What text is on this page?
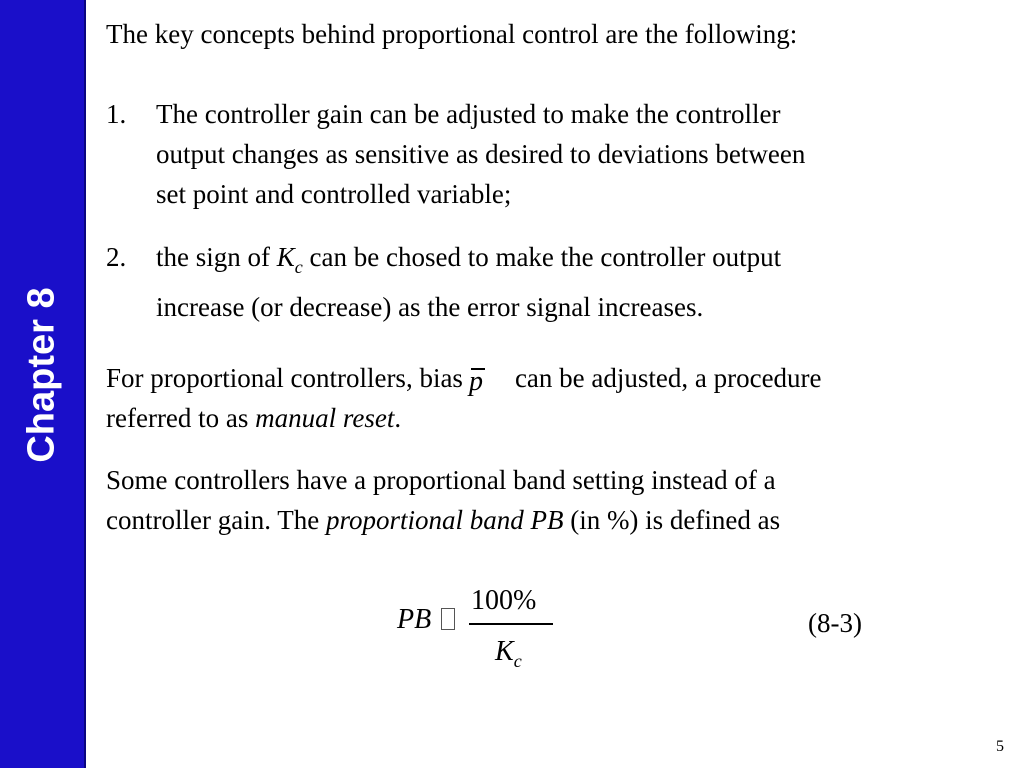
Chapter 8

The key concepts behind proportional control are the following:

1. The controller gain can be adjusted to make the controller
output changes as sensitive as desired to deviations between
set point and controlled variable;
2. the sign of $K_c$ can be chosed to make the controller output
increase (or decrease) as the error signal increases.

For proportional controllers, bias can be adjusted, a procedure

referred to as manual reset.

Some controllers have a proportional band setting instead of a

controller gain. The proportional band PB (in %) is defined as

PB
100%
$K_c$
(8-3)
p
5
